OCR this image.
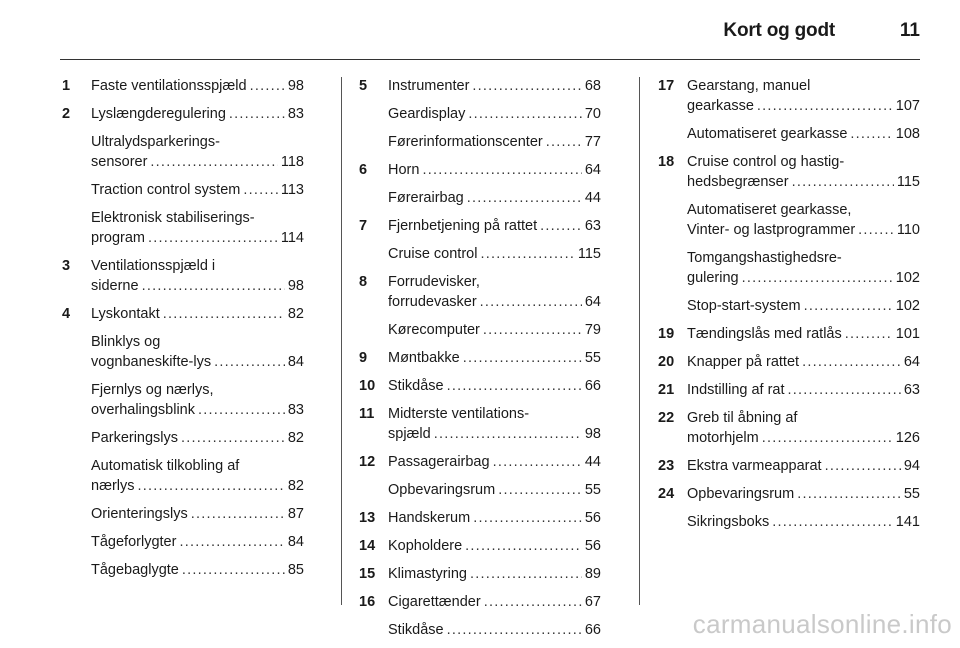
Kort og godt	11
1 Faste ventilationsspjæld . . .	98
2 Lyslængderegulering . . .	83
Ultralydsparkerings-
sensorer . . .	118
Traction control system . . .	113
Elektronisk stabiliserings-
program . . .	114
3 Ventilationsspjæld i
siderne . . .	98
4 Lyskontakt . . .	82
Blinklys og
vognbaneskifte-lys . . .	84
Fjernlys og nærlys,
overhalingsblink . . .	83
Parkeringslys . . .	82
Automatisk tilkobling af
nærlys . . .	82
Orienteringslys . . .	87
Tågeforlygter . . .	84
Tågebaglygte . . .	85
5 Instrumenter . . .	68
Geardisplay . . .	70
Førerinformationscenter . . .	77
6 Horn . . .	64
Førerairbag . . .	44
7 Fjernbetjening på rattet . . .	63
Cruise control . . .	115
8 Forrudevisker,
forrudevasker . . .	64
Kørecomputer . . .	79
9 Møntbakke . . .	55
10 Stikdåse . . .	66
11 Midterste ventilations-
spjæld . . .	98
12 Passagerairbag . . .	44
Opbevaringsrum . . .	55
13 Handskerum . . .	56
14 Kopholdere . . .	56
15 Klimastyring . . .	89
16 Cigarettænder . . .	67
Stikdåse . . .	66
17 Gearstang, manuel
gearkasse . . .	107
Automatiseret gearkasse . . .	108
18 Cruise control og hastig-
hedsbegrænser . . .	115
Automatiseret gearkasse,
Vinter- og lastprogrammer . . .	110
Tomgangshastighedsre-
gulering . . .	102
Stop-start-system . . .	102
19 Tændingslås med ratlås . . .	101
20 Knapper på rattet . . .	64
21 Indstilling af rat . . .	63
22 Greb til åbning af
motorhjelm . . .	126
23 Ekstra varmeapparat . . .	94
24 Opbevaringsrum . . .	55
Sikringsboks . . .	141
carmanualsonline.info
